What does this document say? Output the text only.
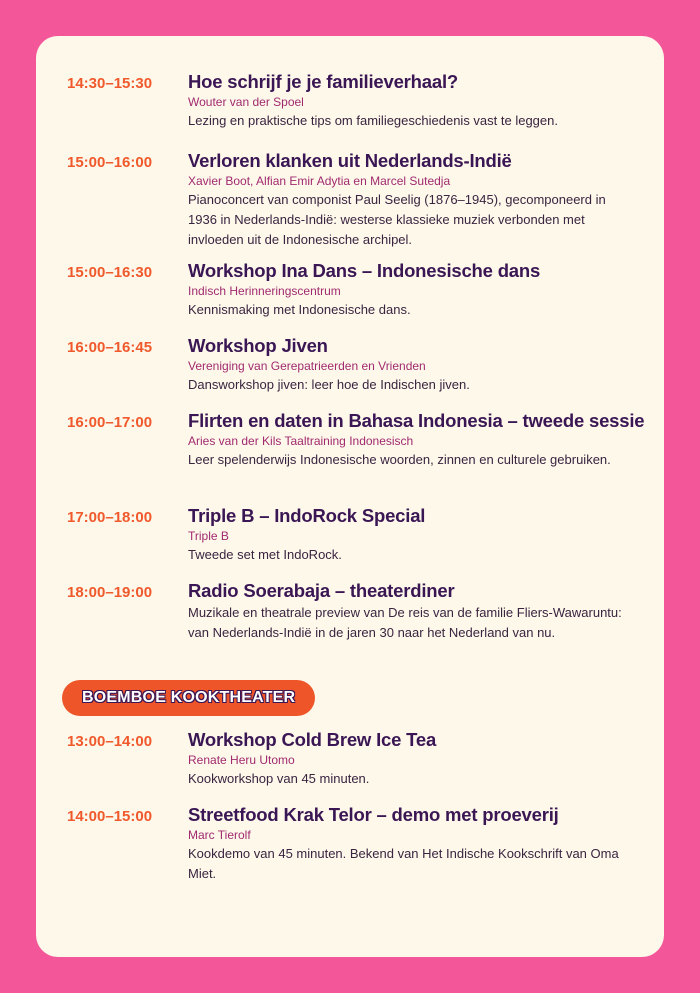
14:30–15:30 Hoe schrijf je je familieverhaal?
Wouter van der Spoel
Lezing en praktische tips om familiegeschiedenis vast te leggen.
15:00–16:00 Verloren klanken uit Nederlands-Indië
Xavier Boot, Alfian Emir Adytia en Marcel Sutedja
Pianoconcert van componist Paul Seelig (1876–1945), gecomponeerd in 1936 in Nederlands-Indië: westerse klassieke muziek verbonden met invloeden uit de Indonesische archipel.
15:00–16:30 Workshop Ina Dans – Indonesische dans
Indisch Herinneringscentrum
Kennismaking met Indonesische dans.
16:00–16:45 Workshop Jiven
Vereniging van Gerepatrieerden en Vrienden
Dansworkshop jiven: leer hoe de Indischen jiven.
16:00–17:00 Flirten en daten in Bahasa Indonesia – tweede sessie
Aries van der Kils Taaltraining Indonesisch
Leer spelenderwijs Indonesische woorden, zinnen en culturele gebruiken.
17:00–18:00 Triple B – IndoRock Special
Triple B
Tweede set met IndoRock.
18:00–19:00 Radio Soerabaja – theaterdiner
Muzikale en theatrale preview van De reis van de familie Fliers-Wawaruntu: van Nederlands-Indië in de jaren 30 naar het Nederland van nu.
BOEMBOE KOOKTHEATER
13:00–14:00 Workshop Cold Brew Ice Tea
Renate Heru Utomo
Kookworkshop van 45 minuten.
14:00–15:00 Streetfood Krak Telor – demo met proeverij
Marc Tierolf
Kookdemo van 45 minuten. Bekend van Het Indische Kookschrift van Oma Miet.
